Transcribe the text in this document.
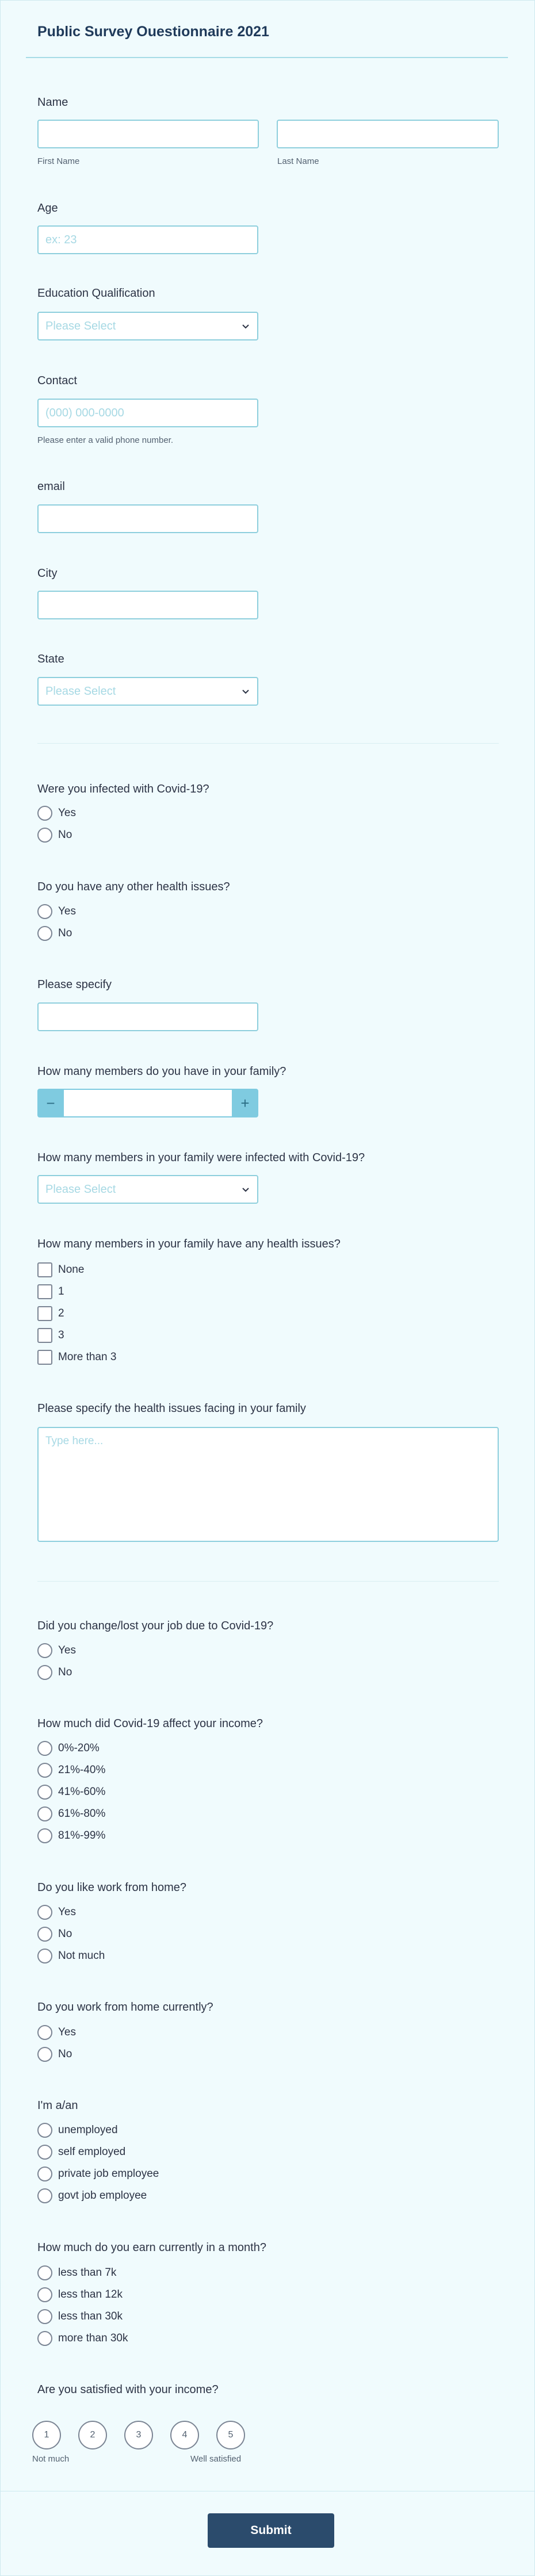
Public Survey Ouestionnaire 2021
Name
First Name	Last Name
Age
ex: 23
Education Qualification
Please Select
Contact
(000) 000-0000
Please enter a valid phone number.
email
City
State
Please Select
Were you infected with Covid-19?
Yes
No
Do you have any other health issues?
Yes
No
Please specify
How many members do you have in your family?
−	+
How many members in your family were infected with Covid-19?
Please Select
How many members in your family have any health issues?
None
1
2
3
More than 3
Please specify the health issues facing in your family
Type here...
Did you change/lost your job due to Covid-19?
Yes
No
How much did Covid-19 affect your income?
0%-20%
21%-40%
41%-60%
61%-80%
81%-99%
Do you like work from home?
Yes
No
Not much
Do you work from home currently?
Yes
No
I'm a/an
unemployed
self employed
private job employee
govt job employee
How much do you earn currently in a month?
less than 7k
less than 12k
less than 30k
more than 30k
Are you satisfied with your income?
1	2	3	4	5
Not much	Well satisfied
Submit
